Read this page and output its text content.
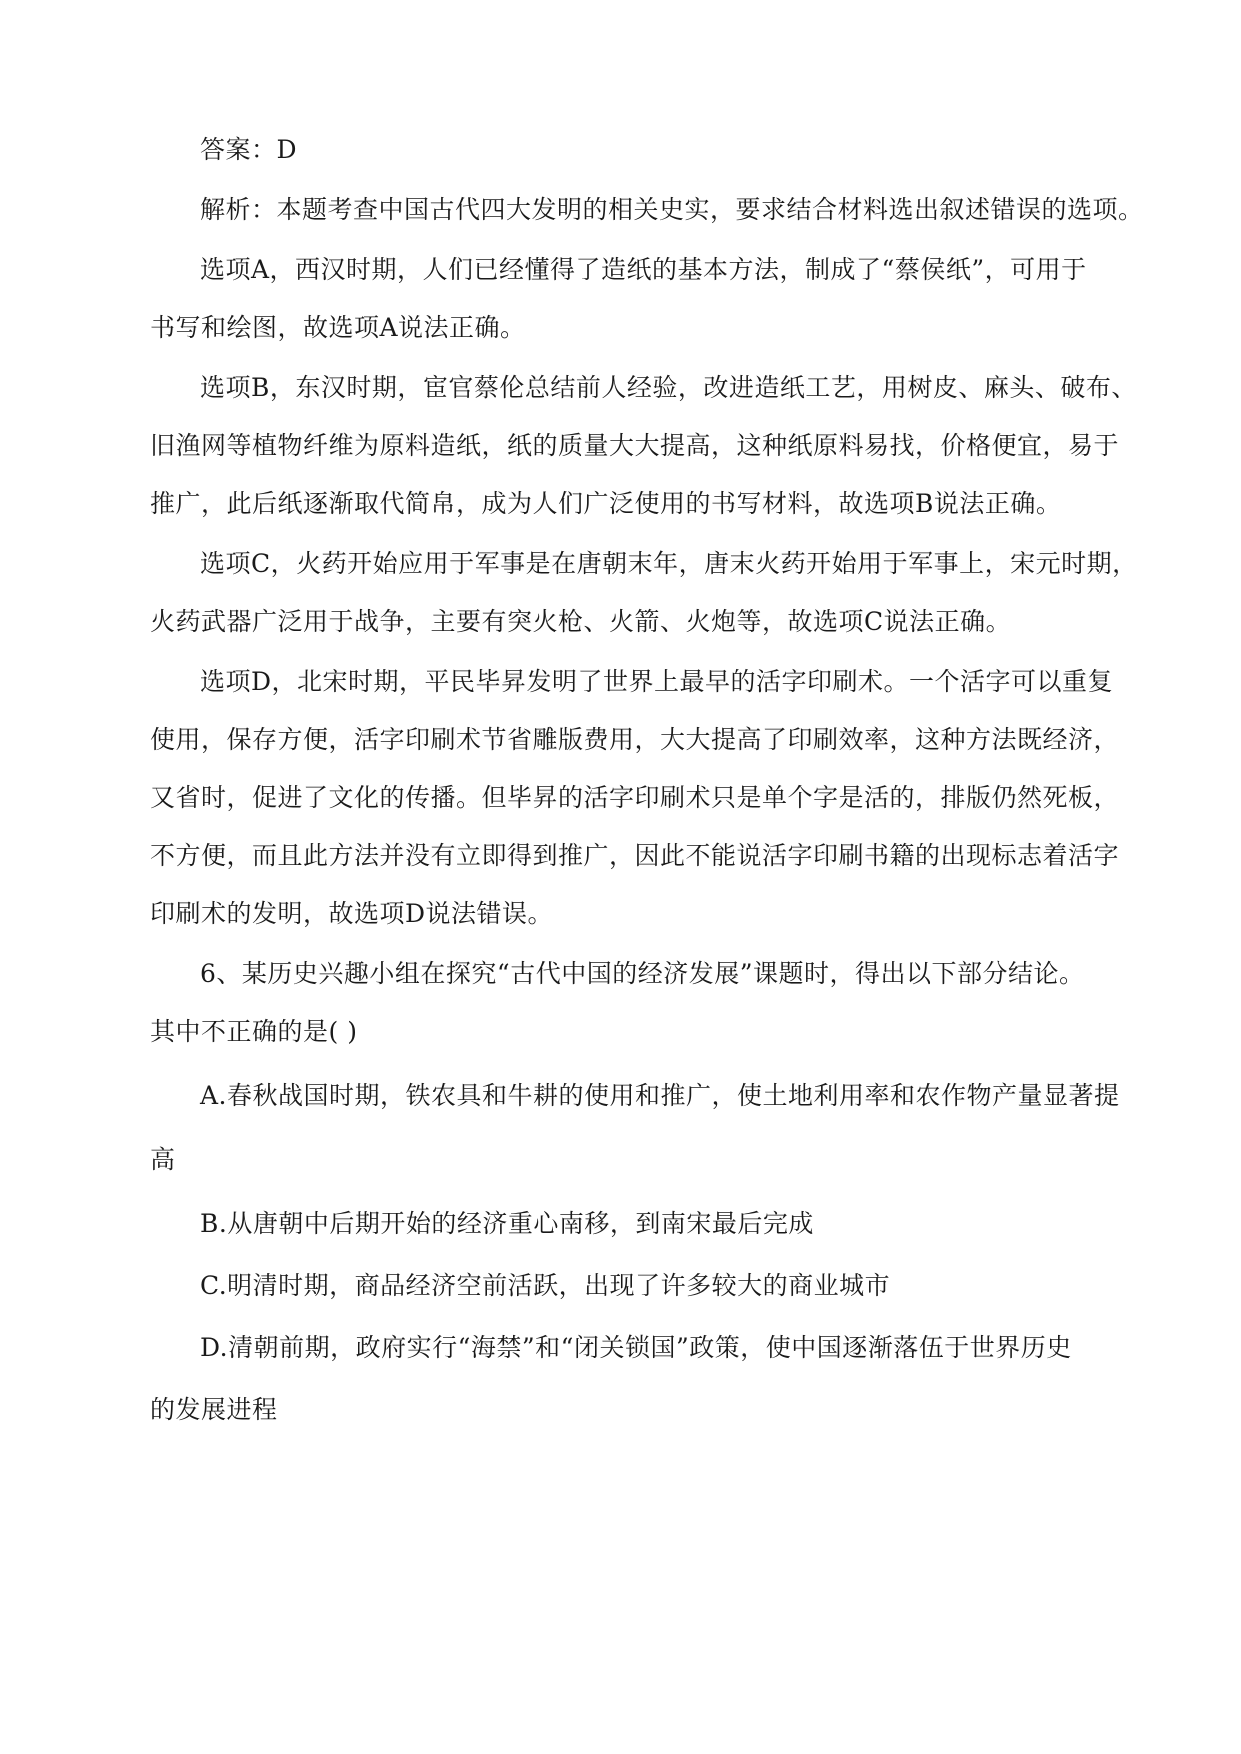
答案：D
解析：本题考查中国古代四大发明的相关史实，要求结合材料选出叙述错误的选项。
选项A，西汉时期，人们已经懂得了造纸的基本方法，制成了“蔡侯纸”，可用于
书写和绘图，故选项A说法正确。
选项B，东汉时期，宦官蔡伦总结前人经验，改进造纸工艺，用树皮、麻头、破布、
旧渔网等植物纤维为原料造纸，纸的质量大大提高，这种纸原料易找，价格便宜，易于
推广，此后纸逐渐取代简帛，成为人们广泛使用的书写材料，故选项B说法正确。
选项C，火药开始应用于军事是在唐朝末年，唐末火药开始用于军事上，宋元时期，
火药武器广泛用于战争，主要有突火枪、火箭、火炮等，故选项C说法正确。
选项D，北宋时期，平民毕昇发明了世界上最早的活字印刷术。一个活字可以重复
使用，保存方便，活字印刷术节省雕版费用，大大提高了印刷效率，这种方法既经济，
又省时，促进了文化的传播。但毕昇的活字印刷术只是单个字是活的，排版仍然死板，
不方便，而且此方法并没有立即得到推广，因此不能说活字印刷书籍的出现标志着活字
印刷术的发明，故选项D说法错误。
6、某历史兴趣小组在探究“古代中国的经济发展”课题时，得出以下部分结论。
其中不正确的是( )
A.春秋战国时期，铁农具和牛耕的使用和推广，使土地利用率和农作物产量显著提
高
B.从唐朝中后期开始的经济重心南移，到南宋最后完成
C.明清时期，商品经济空前活跃，出现了许多较大的商业城市
D.清朝前期，政府实行“海禁”和“闭关锁国”政策，使中国逐渐落伍于世界历史
的发展进程
